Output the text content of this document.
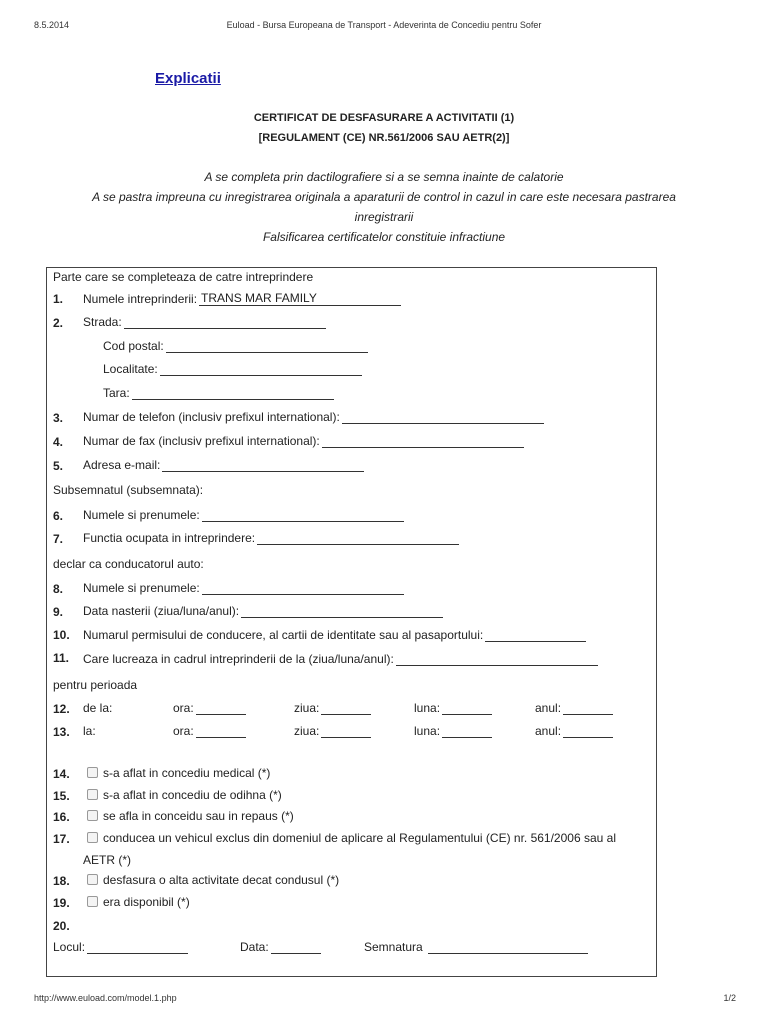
8.5.2014	Euload - Bursa Europeana de Transport - Adeverinta de Concediu pentru Sofer
Explicatii
CERTIFICAT DE DESFASURARE A ACTIVITATII (1)
[REGULAMENT (CE) NR.561/2006 SAU AETR(2)]
A se completa prin dactilografiere si a se semna inainte de calatorie
A se pastra impreuna cu inregistrarea originala a aparaturii de control in cazul in care este necesara pastrarea
inregistrarii
Falsificarea certificatelor constituie infractiune
Parte care se completeaza de catre intreprindere
1. Numele intreprinderii: TRANS MAR FAMILY
2. Strada:
Cod postal:
Localitate:
Tara:
3. Numar de telefon (inclusiv prefixul international):
4. Numar de fax (inclusiv prefixul international):
5. Adresa e-mail:
Subsemnatul (subsemnata):
6. Numele si prenumele:
7. Functia ocupata in intreprindere:
declar ca conducatorul auto:
8. Numele si prenumele:
9. Data nasterii (ziua/luna/anul):
10. Numarul permisului de conducere, al cartii de identitate sau al pasaportului:
11. Care lucreaza in cadrul intreprinderii de la (ziua/luna/anul):
pentru perioada
12. de la:	ora:	ziua:	luna:	anul:
13. la:	ora:	ziua:	luna:	anul:
14.	s-a aflat in concediu medical (*)
15.	s-a aflat in concediu de odihna (*)
16.	se afla in conceidu sau in repaus (*)
17.	conducea un vehicul exclus din domeniul de aplicare al Regulamentului (CE) nr. 561/2006 sau al
AETR (*)
18.	desfasura o alta activitate decat condusul (*)
19.	era disponibil (*)
20.
Locul:	Data:	Semnatura
http://www.euload.com/model.1.php	1/2
